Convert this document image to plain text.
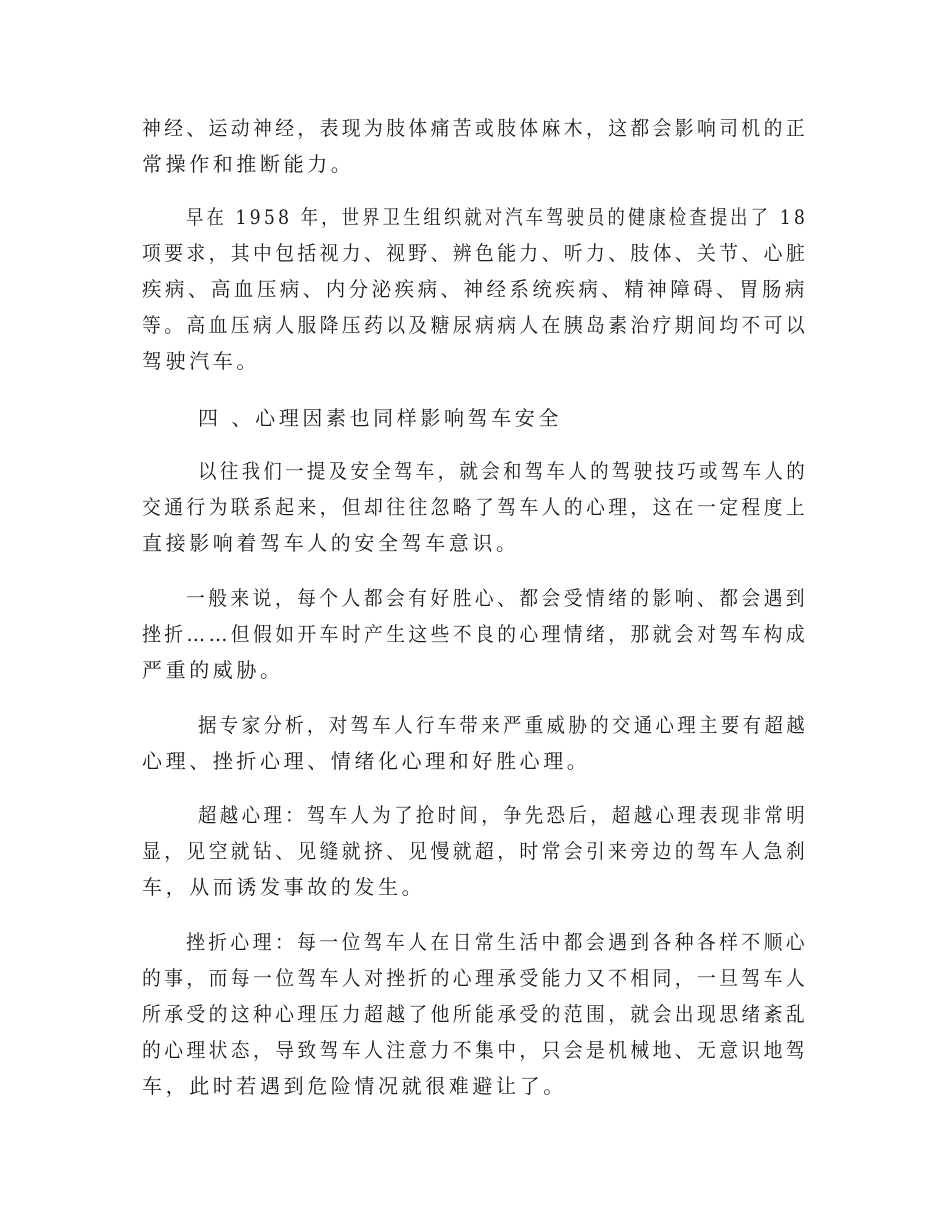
神经、运动神经，表现为肢体痛苦或肢体麻木，这都会影响司机的正
常操作和推断能力。
早在 1958 年，世界卫生组织就对汽车驾驶员的健康检查提出了 18
项要求，其中包括视力、视野、辨色能力、听力、肢体、关节、心脏
疾病、高血压病、内分泌疾病、神经系统疾病、精神障碍、胃肠病
等。高血压病人服降压药以及糖尿病病人在胰岛素治疗期间均不可以
驾驶汽车。
四 、心理因素也同样影响驾车安全
以往我们一提及安全驾车，就会和驾车人的驾驶技巧或驾车人的
交通行为联系起来，但却往往忽略了驾车人的心理，这在一定程度上
直接影响着驾车人的安全驾车意识。
一般来说，每个人都会有好胜心、都会受情绪的影响、都会遇到
挫折……但假如开车时产生这些不良的心理情绪，那就会对驾车构成
严重的威胁。
据专家分析，对驾车人行车带来严重威胁的交通心理主要有超越
心理、挫折心理、情绪化心理和好胜心理。
超越心理：驾车人为了抢时间，争先恐后，超越心理表现非常明
显，见空就钻、见缝就挤、见慢就超，时常会引来旁边的驾车人急刹
车，从而诱发事故的发生。
挫折心理：每一位驾车人在日常生活中都会遇到各种各样不顺心
的事，而每一位驾车人对挫折的心理承受能力又不相同，一旦驾车人
所承受的这种心理压力超越了他所能承受的范围，就会出现思绪紊乱
的心理状态，导致驾车人注意力不集中，只会是机械地、无意识地驾
车，此时若遇到危险情况就很难避让了。
